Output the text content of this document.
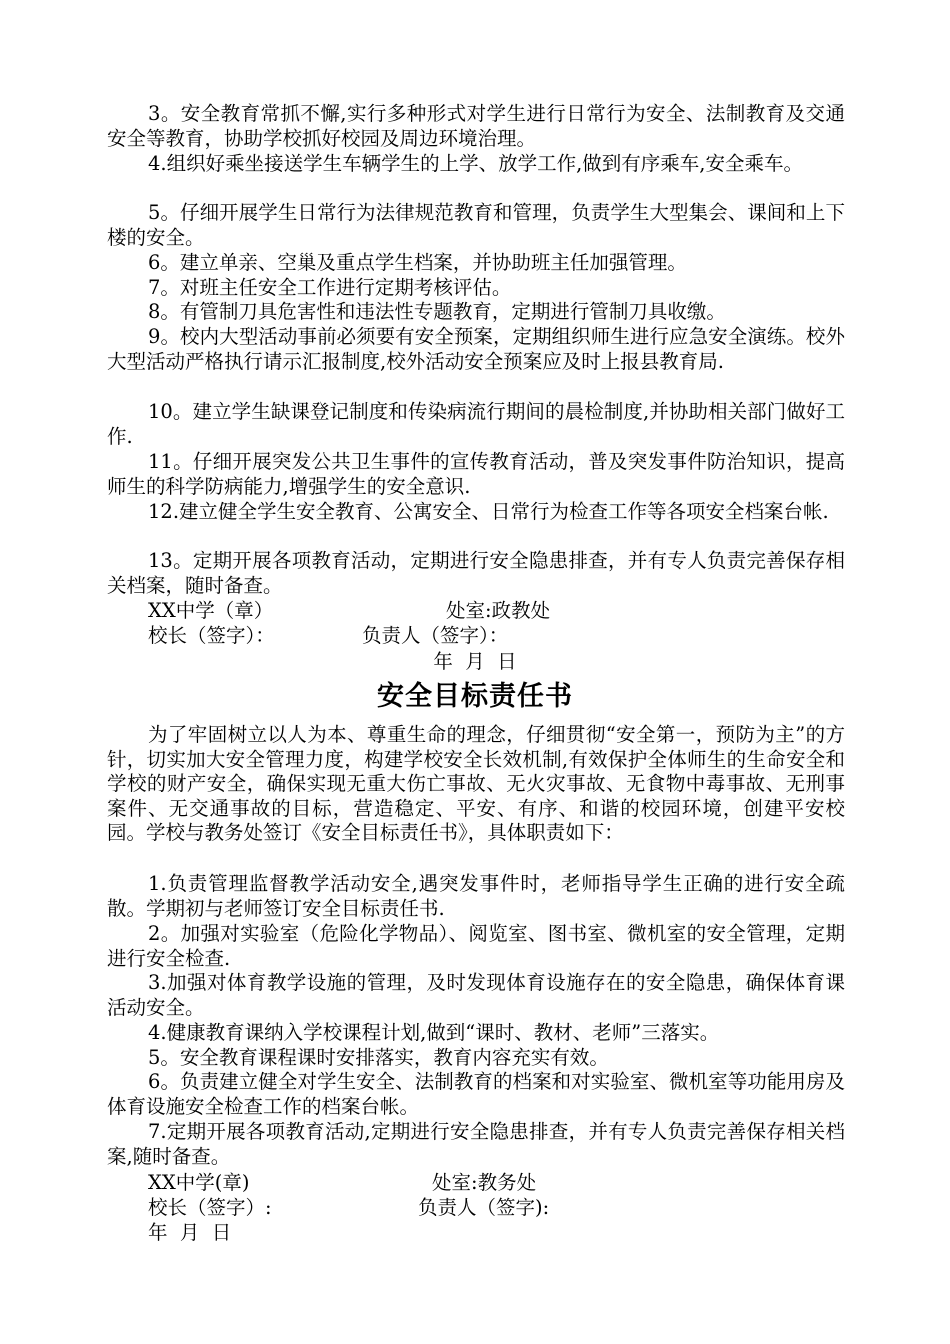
3。安全教育常抓不懈,实行多种形式对学生进行日常行为安全、法制教育及交通安全等教育，协助学校抓好校园及周边环境治理。

4.组织好乘坐接送学生车辆学生的上学、放学工作,做到有序乘车,安全乘车。

5。仔细开展学生日常行为法律规范教育和管理，负责学生大型集会、课间和上下楼的安全。

6。建立单亲、空巢及重点学生档案，并协助班主任加强管理。

7。对班主任安全工作进行定期考核评估。

8。有管制刀具危害性和违法性专题教育，定期进行管制刀具收缴。

9。校内大型活动事前必须要有安全预案，定期组织师生进行应急安全演练。校外大型活动严格执行请示汇报制度,校外活动安全预案应及时上报县教育局.

10。建立学生缺课登记制度和传染病流行期间的晨检制度,并协助相关部门做好工作.

11。仔细开展突发公共卫生事件的宣传教育活动，普及突发事件防治知识，提高师生的科学防病能力,增强学生的安全意识.

12.建立健全学生安全教育、公寓安全、日常行为检查工作等各项安全档案台帐.

13。定期开展各项教育活动，定期进行安全隐患排查，并有专人负责完善保存相关档案，随时备查。

XX中学（章）	处室:政教处

校长（签字）：	负责人（签字）：

年  月  日

安全目标责任书

为了牢固树立以人为本、尊重生命的理念，仔细贯彻“安全第一，预防为主”的方针，切实加大安全管理力度，构建学校安全长效机制,有效保护全体师生的生命安全和学校的财产安全，确保实现无重大伤亡事故、无火灾事故、无食物中毒事故、无刑事案件、无交通事故的目标，营造稳定、平安、有序、和谐的校园环境，创建平安校园。学校与教务处签订《安全目标责任书》，具体职责如下：

1.负责管理监督教学活动安全,遇突发事件时，老师指导学生正确的进行安全疏散。学期初与老师签订安全目标责任书.

2。加强对实验室（危险化学物品）、阅览室、图书室、微机室的安全管理，定期进行安全检查.

3.加强对体育教学设施的管理，及时发现体育设施存在的安全隐患，确保体育课活动安全。

4.健康教育课纳入学校课程计划,做到“课时、教材、老师”三落实。

5。安全教育课程课时安排落实，教育内容充实有效。

6。负责建立健全对学生安全、法制教育的档案和对实验室、微机室等功能用房及体育设施安全检查工作的档案台帐。

7.定期开展各项教育活动,定期进行安全隐患排查，并有专人负责完善保存相关档案,随时备查。

XX中学(章)	处室:教务处

校长（签字）:	负责人（签字):

年  月  日
